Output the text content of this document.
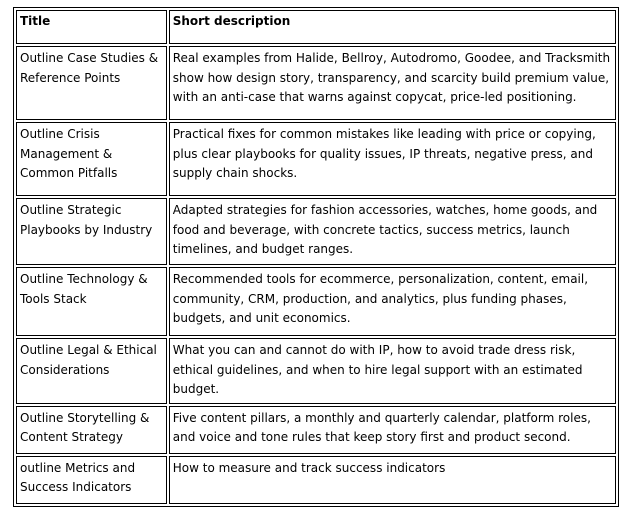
Title	Short description
Outline Case Studies & Reference Points	Real examples from Halide, Bellroy, Autodromo, Goodee, and Tracksmith show how design story, transparency, and scarcity build premium value, with an anti-case that warns against copycat, price-led positioning.
Outline Crisis Management & Common Pitfalls	Practical fixes for common mistakes like leading with price or copying, plus clear playbooks for quality issues, IP threats, negative press, and supply chain shocks.
Outline Strategic Playbooks by Industry	Adapted strategies for fashion accessories, watches, home goods, and food and beverage, with concrete tactics, success metrics, launch timelines, and budget ranges.
Outline Technology & Tools Stack	Recommended tools for ecommerce, personalization, content, email, community, CRM, production, and analytics, plus funding phases, budgets, and unit economics.
Outline Legal & Ethical Considerations	What you can and cannot do with IP, how to avoid trade dress risk, ethical guidelines, and when to hire legal support with an estimated budget.
Outline Storytelling & Content Strategy	Five content pillars, a monthly and quarterly calendar, platform roles, and voice and tone rules that keep story first and product second.
outline Metrics and Success Indicators	How to measure and track success indicators
